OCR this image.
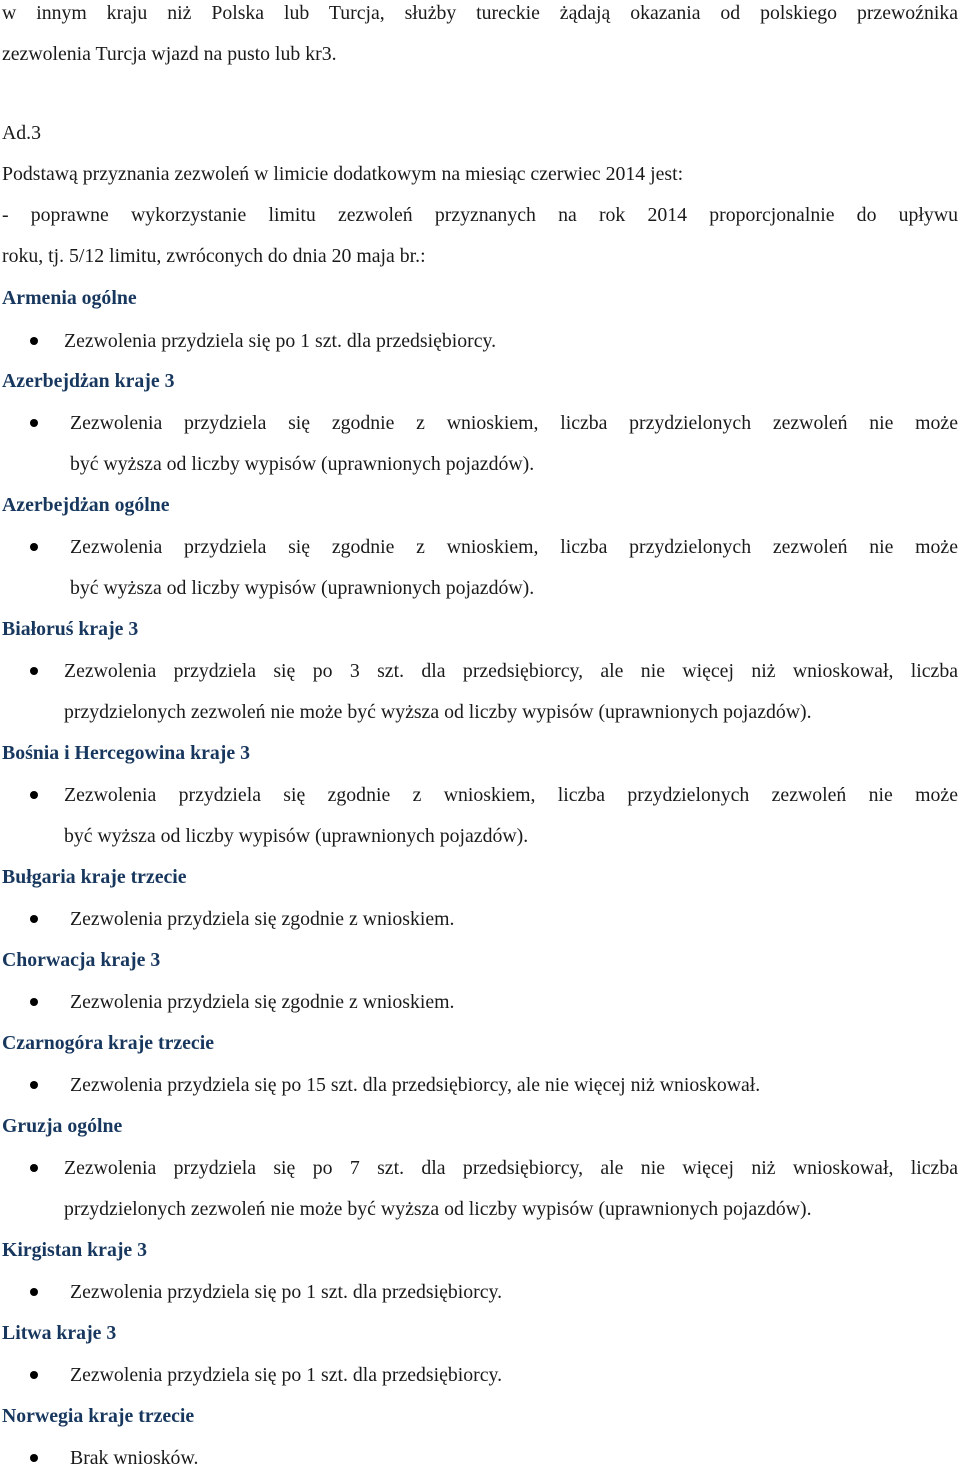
w innym kraju niż Polska lub Turcja, służby tureckie żądają okazania od polskiego przewoźnika
zezwolenia Turcja wjazd na pusto lub kr3.
Ad.3
Podstawą przyznania zezwoleń w limicie dodatkowym na miesiąc czerwiec 2014 jest:
- poprawne wykorzystanie limitu zezwoleń przyznanych na rok 2014 proporcjonalnie do upływu
roku, tj. 5/12 limitu, zwróconych do dnia 20 maja br.:
Armenia ogólne
Zezwolenia przydziela się po 1 szt. dla przedsiębiorcy.
Azerbejdżan kraje 3
Zezwolenia przydziela się zgodnie z wnioskiem, liczba przydzielonych zezwoleń nie może
być wyższa od liczby wypisów (uprawnionych pojazdów).
Azerbejdżan ogólne
Zezwolenia przydziela się zgodnie z wnioskiem, liczba przydzielonych zezwoleń nie może
być wyższa od liczby wypisów (uprawnionych pojazdów).
Białoruś kraje 3
Zezwolenia przydziela się po 3 szt. dla przedsiębiorcy, ale nie więcej niż wnioskował, liczba
przydzielonych zezwoleń nie może być wyższa od liczby wypisów (uprawnionych pojazdów).
Bośnia i Hercegowina kraje 3
Zezwolenia przydziela się zgodnie z wnioskiem, liczba przydzielonych zezwoleń nie może
być wyższa od liczby wypisów (uprawnionych pojazdów).
Bułgaria kraje trzecie
Zezwolenia przydziela się zgodnie z wnioskiem.
Chorwacja kraje 3
Zezwolenia przydziela się zgodnie z wnioskiem.
Czarnogóra kraje trzecie
Zezwolenia przydziela się po 15 szt. dla przedsiębiorcy, ale nie więcej niż wnioskował.
Gruzja ogólne
Zezwolenia przydziela się po 7 szt. dla przedsiębiorcy, ale nie więcej niż wnioskował, liczba
przydzielonych zezwoleń nie może być wyższa od liczby wypisów (uprawnionych pojazdów).
Kirgistan kraje 3
Zezwolenia przydziela się po 1 szt. dla przedsiębiorcy.
Litwa kraje 3
Zezwolenia przydziela się po 1 szt. dla przedsiębiorcy.
Norwegia kraje trzecie
Brak wniosków.
